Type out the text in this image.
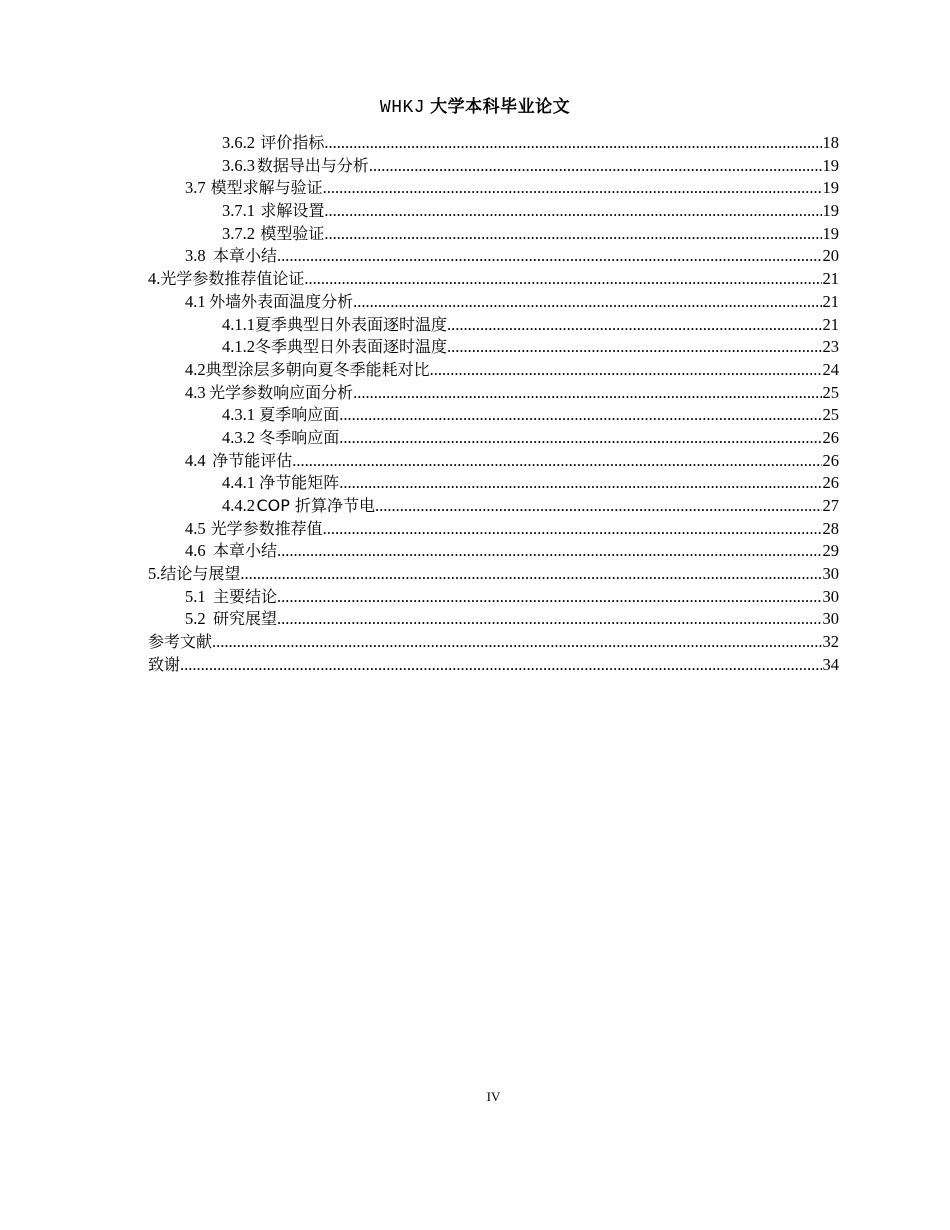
WHKJ 大学本科毕业论文
3.6.2 评价指标 .....	18
3.6.3 数据导出与分析 .....	19
3.7 模型求解与验证 .....	19
3.7.1 求解设置 .....	19
3.7.2 模型验证 .....	19
3.8 本章小结 .....	20
4. 光学参数推荐值论证 .....	21
4.1 外墙外表面温度分析 .....	21
4.1.1 夏季典型日外表面逐时温度 .....	21
4.1.2 冬季典型日外表面逐时温度 .....	23
4.2 典型涂层多朝向夏冬季能耗对比 .....	24
4.3 光学参数响应面分析 .....	25
4.3.1 夏季响应面 .....	25
4.3.2 冬季响应面 .....	26
4.4 净节能评估 .....	26
4.4.1 净节能矩阵 .....	26
4.4.2 COP 折算净节电 .....	27
4.5 光学参数推荐值 .....	28
4.6 本章小结 .....	29
5. 结论与展望 .....	30
5.1 主要结论 .....	30
5.2 研究展望 .....	30
参考文献 .....	32
致谢 .....	34
IV
